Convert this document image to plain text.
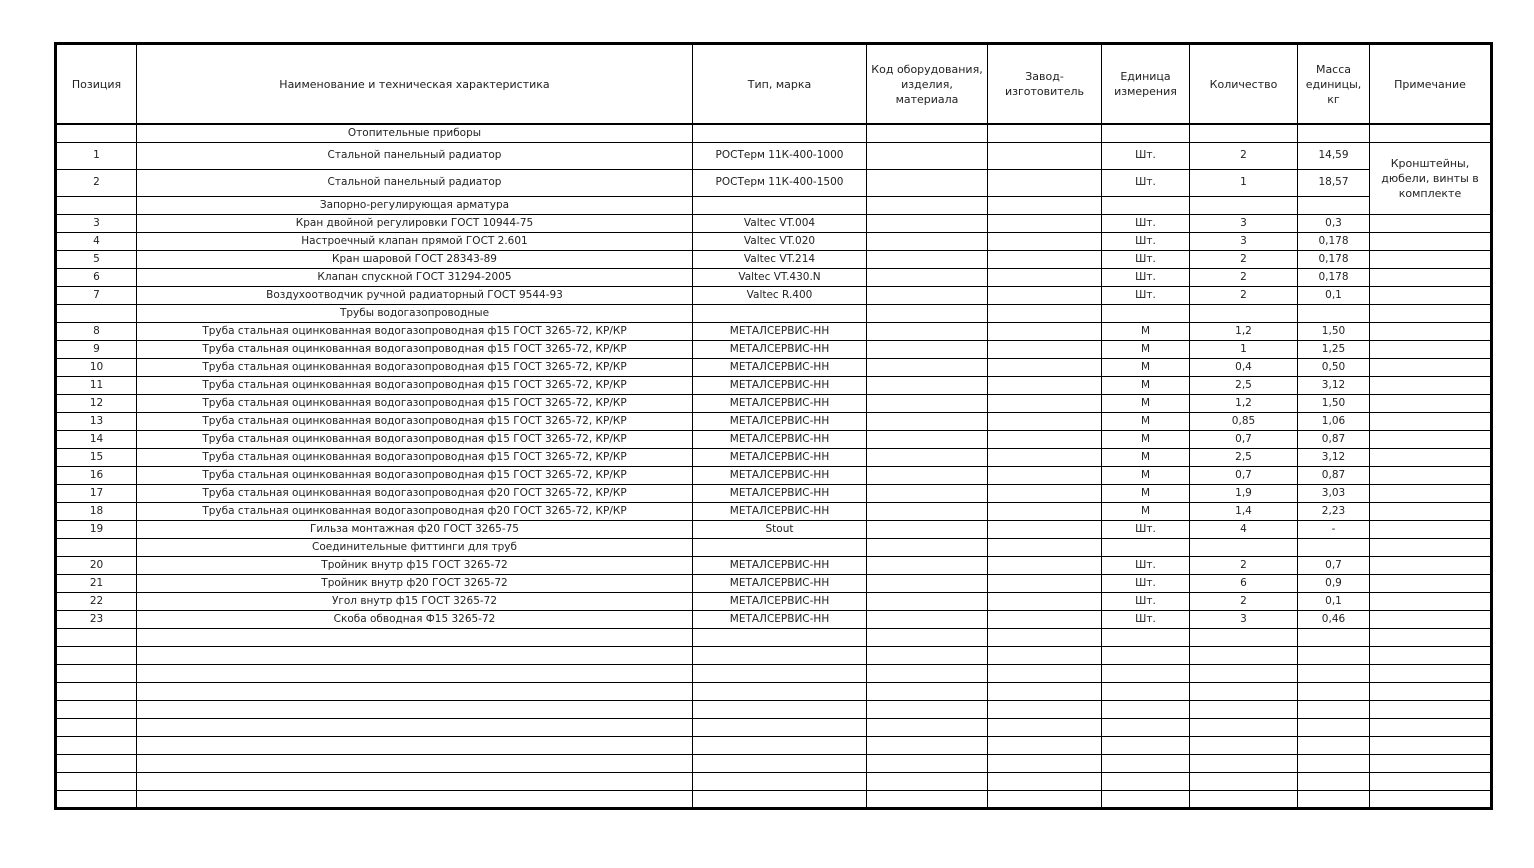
Позиция	Наименование и техническая характеристика	Тип, марка	Код оборудования, изделия, материала	Завод-изготовитель	Единица измерения	Количество	Масса единицы, кг	Примечание
	Отопительные приборы							
1	Стальной панельный радиатор	РОСТерм 11К-400-1000			Шт.	2	14,59	Кронштейны, дюбели, винты в комплекте
2	Стальной панельный радиатор	РОСТерм 11К-400-1500			Шт.	1	18,57	
	Запорно-регулирующая арматура							
3	Кран двойной регулировки ГОСТ 10944-75	Valtec VT.004			Шт.	3	0,3	
4	Настроечный клапан прямой ГОСТ 2.601	Valtec VT.020			Шт.	3	0,178	
5	Кран шаровой ГОСТ 28343-89	Valtec VT.214			Шт.	2	0,178	
6	Клапан спускной ГОСТ 31294-2005	Valtec VT.430.N			Шт.	2	0,178	
7	Воздухоотводчик ручной радиаторный ГОСТ 9544-93	Valtec R.400			Шт.	2	0,1	
	Трубы водогазопроводные							
8	Труба стальная оцинкованная водогазопроводная ф15 ГОСТ 3265-72, КР/КР	МЕТАЛСЕРВИС-НН			М	1,2	1,50	
9	Труба стальная оцинкованная водогазопроводная ф15 ГОСТ 3265-72, КР/КР	МЕТАЛСЕРВИС-НН			М	1	1,25	
10	Труба стальная оцинкованная водогазопроводная ф15 ГОСТ 3265-72, КР/КР	МЕТАЛСЕРВИС-НН			М	0,4	0,50	
11	Труба стальная оцинкованная водогазопроводная ф15 ГОСТ 3265-72, КР/КР	МЕТАЛСЕРВИС-НН			М	2,5	3,12	
12	Труба стальная оцинкованная водогазопроводная ф15 ГОСТ 3265-72, КР/КР	МЕТАЛСЕРВИС-НН			М	1,2	1,50	
13	Труба стальная оцинкованная водогазопроводная ф15 ГОСТ 3265-72, КР/КР	МЕТАЛСЕРВИС-НН			М	0,85	1,06	
14	Труба стальная оцинкованная водогазопроводная ф15 ГОСТ 3265-72, КР/КР	МЕТАЛСЕРВИС-НН			М	0,7	0,87	
15	Труба стальная оцинкованная водогазопроводная ф15 ГОСТ 3265-72, КР/КР	МЕТАЛСЕРВИС-НН			М	2,5	3,12	
16	Труба стальная оцинкованная водогазопроводная ф15 ГОСТ 3265-72, КР/КР	МЕТАЛСЕРВИС-НН			М	0,7	0,87	
17	Труба стальная оцинкованная водогазопроводная ф20 ГОСТ 3265-72, КР/КР	МЕТАЛСЕРВИС-НН			М	1,9	3,03	
18	Труба стальная оцинкованная водогазопроводная ф20 ГОСТ 3265-72, КР/КР	МЕТАЛСЕРВИС-НН			М	1,4	2,23	
19	Гильза монтажная ф20 ГОСТ 3265-75	Stout			Шт.	4	-	
	Соединительные фиттинги для труб							
20	Тройник внутр ф15 ГОСТ 3265-72	МЕТАЛСЕРВИС-НН			Шт.	2	0,7	
21	Тройник внутр ф20 ГОСТ 3265-72	МЕТАЛСЕРВИС-НН			Шт.	6	0,9	
22	Угол внутр ф15 ГОСТ 3265-72	МЕТАЛСЕРВИС-НН			Шт.	2	0,1	
23	Скоба обводная Ф15 3265-72	МЕТАЛСЕРВИС-НН			Шт.	3	0,46	
